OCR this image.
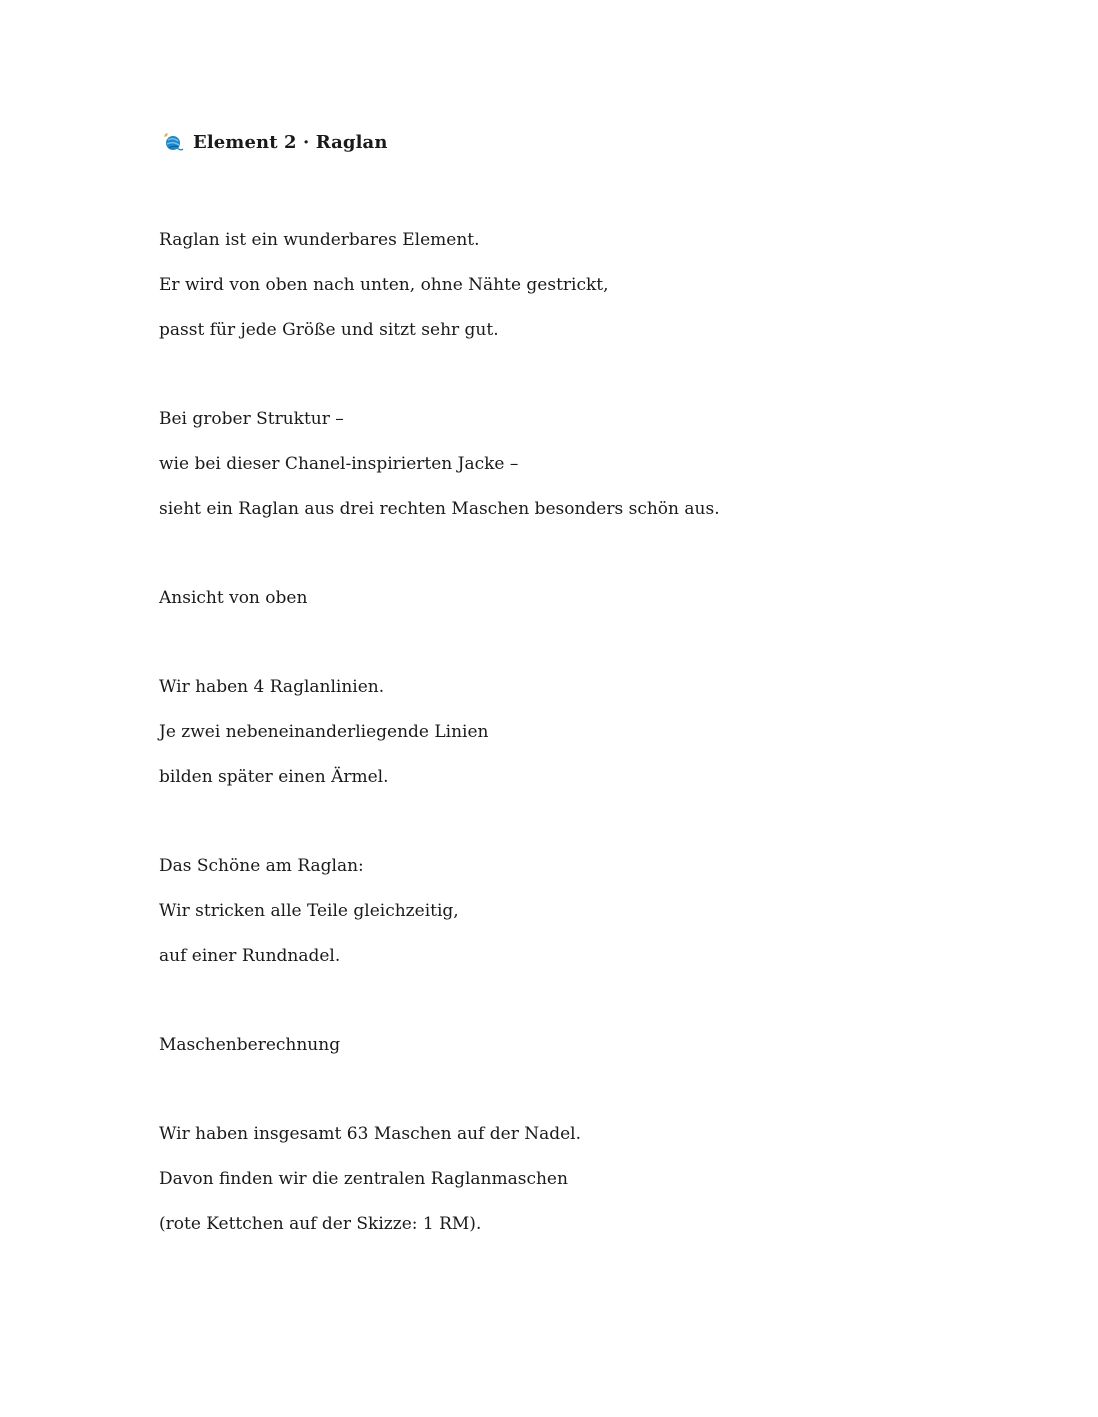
Element 2 · Raglan
Raglan ist ein wunderbares Element.
Er wird von oben nach unten, ohne Nähte gestrickt,
passt für jede Größe und sitzt sehr gut.
Bei grober Struktur –
wie bei dieser Chanel-inspirierten Jacke –
sieht ein Raglan aus drei rechten Maschen besonders schön aus.
Ansicht von oben
Wir haben 4 Raglanlinien.
Je zwei nebeneinanderliegende Linien
bilden später einen Ärmel.
Das Schöne am Raglan:
Wir stricken alle Teile gleichzeitig,
auf einer Rundnadel.
Maschenberechnung
Wir haben insgesamt 63 Maschen auf der Nadel.
Davon finden wir die zentralen Raglanmaschen
(rote Kettchen auf der Skizze: 1 RM).
